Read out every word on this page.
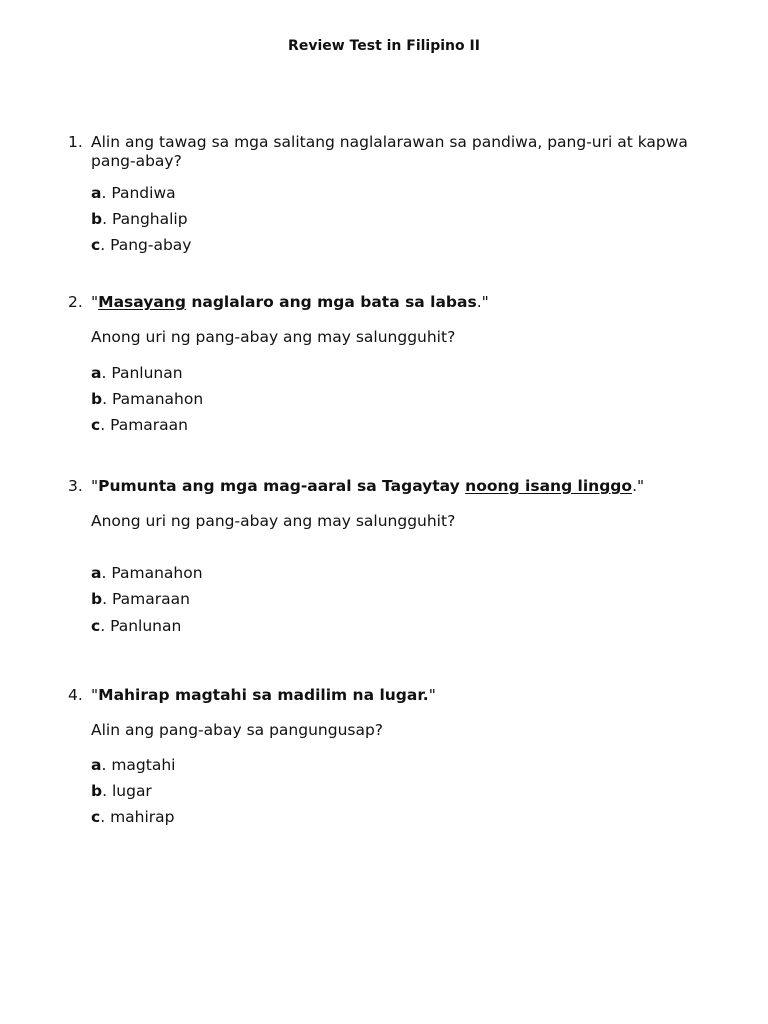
Review Test in Filipino II
1. Alin ang tawag sa mga salitang naglalarawan sa pandiwa, pang-uri at kapwa pang-abay?
a. Pandiwa
b. Panghalip
c. Pang-abay
2. "Masayang naglalaro ang mga bata sa labas."
Anong uri ng pang-abay ang may salungguhit?
a. Panlunan
b. Pamanahon
c. Pamaraan
3. "Pumunta ang mga mag-aaral sa Tagaytay noong isang linggo."
Anong uri ng pang-abay ang may salungguhit?
a. Pamanahon
b. Pamaraan
c. Panlunan
4. "Mahirap magtahi sa madilim na lugar."
Alin ang pang-abay sa pangungusap?
a. magtahi
b. lugar
c. mahirap
